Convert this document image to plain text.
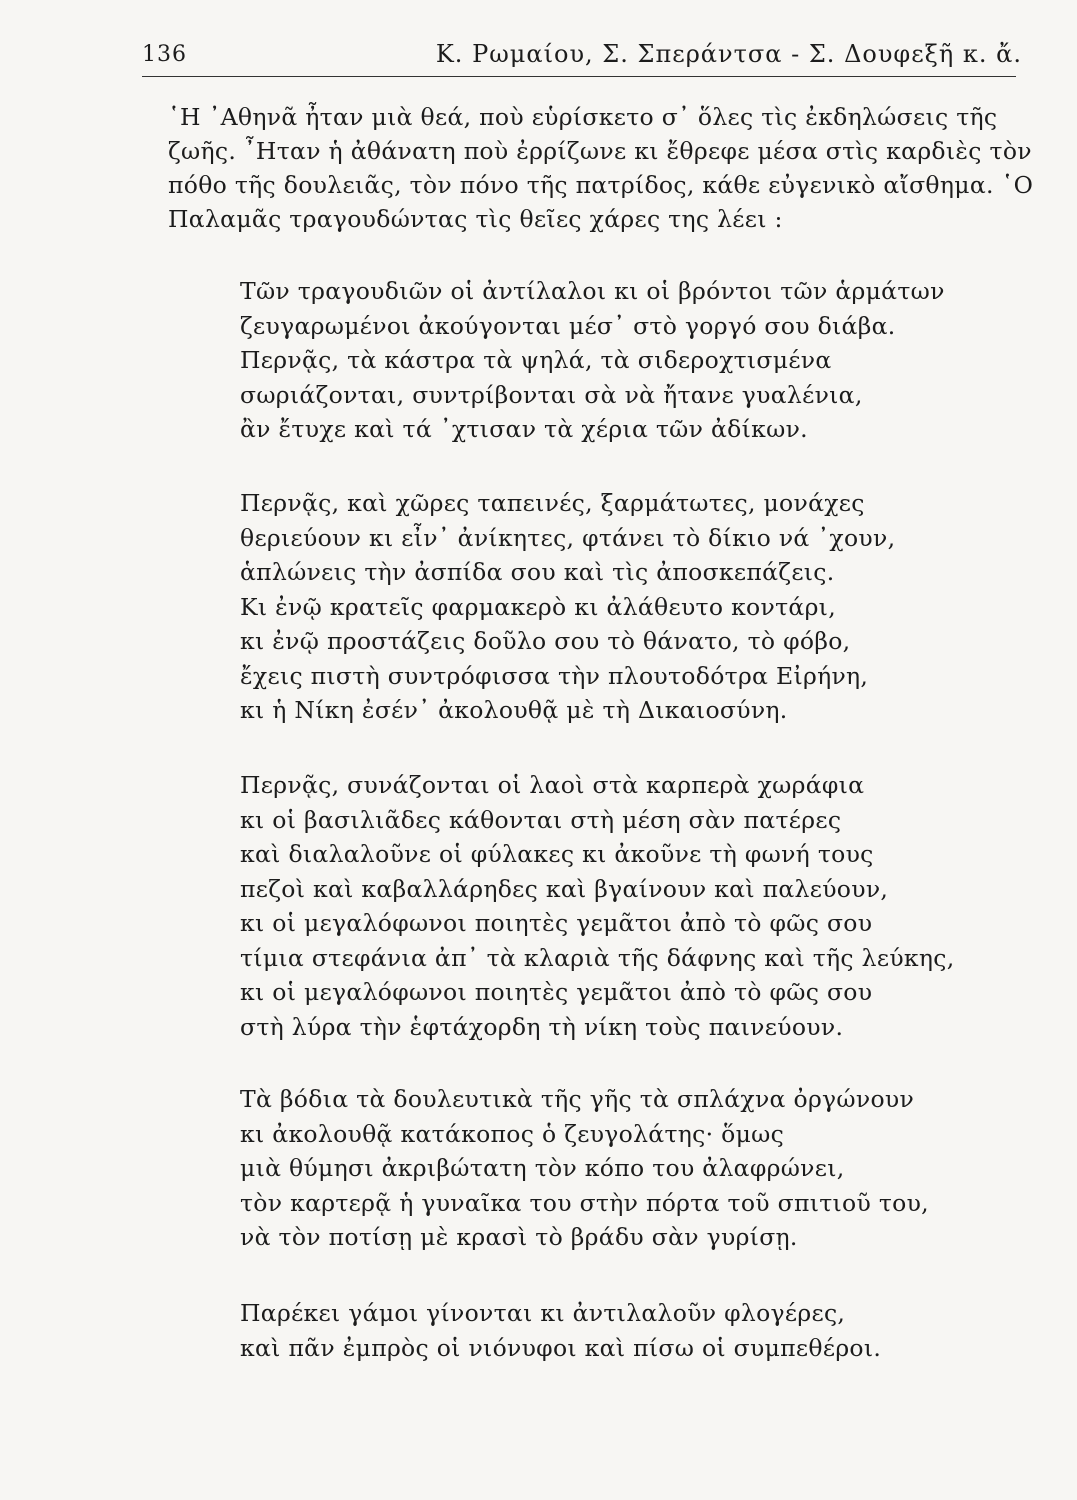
136	Κ. Ρωμαίου, Σ. Σπεράντσα - Σ. Δουφεξῆ κ. ἄ.

῾Η ᾿Αθηνᾶ ἦταν μιὰ θεά, ποὺ εὑρίσκετο σ᾿ ὅλες τὶς ἐκδηλώσεις τῆς
ζωῆς. ῏Ηταν ἡ ἀθάνατη ποὺ ἐρρίζωνε κι ἔθρεφε μέσα στὶς καρδιὲς τὸν
πόθο τῆς δουλειᾶς, τὸν πόνο τῆς πατρίδος, κάθε εὐγενικὸ αἴσθημα. ῾Ο
Παλαμᾶς τραγουδώντας τὶς θεῖες χάρες της λέει :

Τῶν τραγουδιῶν οἱ ἀντίλαλοι κι οἱ βρόντοι τῶν ἁρμάτων
ζευγαρωμένοι ἀκούγονται μέσ᾿ στὸ γοργό σου διάβα.
Περνᾷς, τὰ κάστρα τὰ ψηλά, τὰ σιδεροχτισμένα
σωριάζονται, συντρίβονται σὰ νὰ ἤτανε γυαλένια,
ἂν ἔτυχε καὶ τά ᾿χτισαν τὰ χέρια τῶν ἀδίκων.
Περνᾷς, καὶ χῶρες ταπεινές, ξαρμάτωτες, μονάχες
θεριεύουν κι εἶν᾿ ἀνίκητες, φτάνει τὸ δίκιο νά ᾿χουν,
ἁπλώνεις τὴν ἀσπίδα σου καὶ τὶς ἀποσκεπάζεις.
Κι ἐνῷ κρατεῖς φαρμακερὸ κι ἀλάθευτο κοντάρι,
κι ἐνῷ προστάζεις δοῦλο σου τὸ θάνατο, τὸ φόβο,
ἔχεις πιστὴ συντρόφισσα τὴν πλουτοδότρα Εἰρήνη,
κι ἡ Νίκη ἐσέν᾿ ἀκολουθᾷ μὲ τὴ Δικαιοσύνη.
Περνᾷς, συνάζονται οἱ λαοὶ στὰ καρπερὰ χωράφια
κι οἱ βασιλιᾶδες κάθονται στὴ μέση σὰν πατέρες
καὶ διαλαλοῦνε οἱ φύλακες κι ἀκοῦνε τὴ φωνή τους
πεζοὶ καὶ καβαλλάρηδες καὶ βγαίνουν καὶ παλεύουν,
κι οἱ μεγαλόφωνοι ποιητὲς γεμᾶτοι ἀπὸ τὸ φῶς σου
τίμια στεφάνια ἀπ᾿ τὰ κλαριὰ τῆς δάφνης καὶ τῆς λεύκης,
κι οἱ μεγαλόφωνοι ποιητὲς γεμᾶτοι ἀπὸ τὸ φῶς σου
στὴ λύρα τὴν ἑφτάχορδη τὴ νίκη τοὺς παινεύουν.
Τὰ βόδια τὰ δουλευτικὰ τῆς γῆς τὰ σπλάχνα ὀργώνουν
κι ἀκολουθᾷ κατάκοπος ὁ ζευγολάτης· ὅμως
μιὰ θύμησι ἀκριβώτατη τὸν κόπο του ἀλαφρώνει,
τὸν καρτερᾷ ἡ γυναῖκα του στὴν πόρτα τοῦ σπιτιοῦ του,
νὰ τὸν ποτίσῃ μὲ κρασὶ τὸ βράδυ σὰν γυρίσῃ.
Παρέκει γάμοι γίνονται κι ἀντιλαλοῦν φλογέρες,
καὶ πᾶν ἐμπρὸς οἱ νιόνυφοι καὶ πίσω οἱ συμπεθέροι.
